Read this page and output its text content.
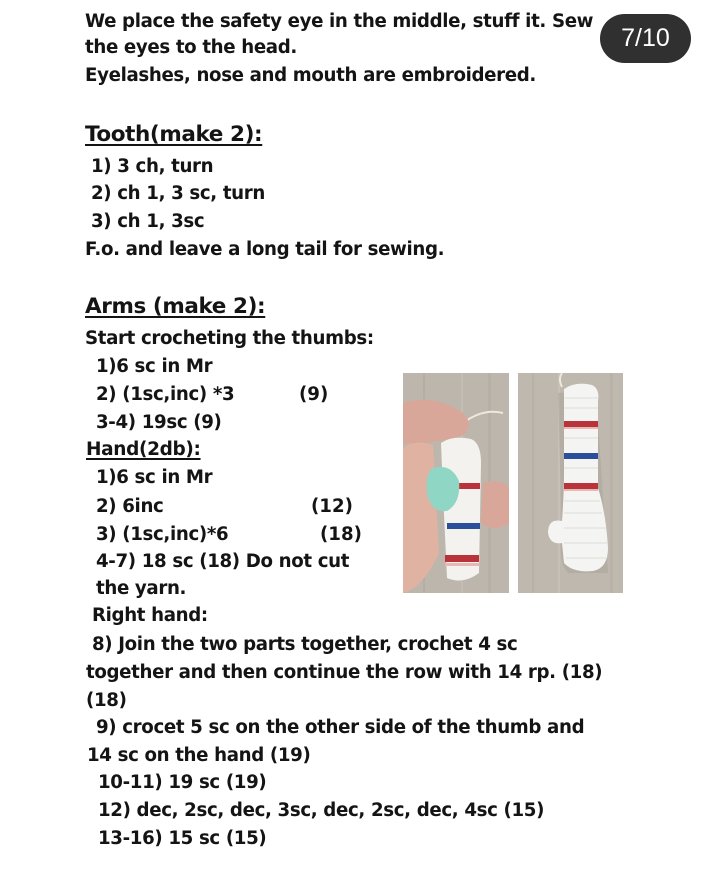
7/10
We place the safety eye in the middle, stuff it. Sew
the eyes to the head.
Eyelashes, nose and mouth are embroidered.
Tooth(make 2):
1) 3 ch, turn
2) ch 1, 3 sc, turn
3) ch 1, 3sc
F.o. and leave a long tail for sewing.
Arms (make 2):
Start crocheting the thumbs:
1)6 sc in Mr
2) (1sc,inc) *3	(9)
3-4) 19sc (9)
Hand(2db):
1)6 sc in Mr
2) 6inc	(12)
3) (1sc,inc)*6	(18)
4-7) 18 sc (18) Do not cut
the yarn.
Right hand:
8) Join the two parts together, crochet 4 sc
together and then continue the row with 14 rp. (18)
(18)
9) crocet 5 sc on the other side of the thumb and
14 sc on the hand (19)
10-11) 19 sc (19)
12) dec, 2sc, dec, 3sc, dec, 2sc, dec, 4sc (15)
13-16) 15 sc (15)
